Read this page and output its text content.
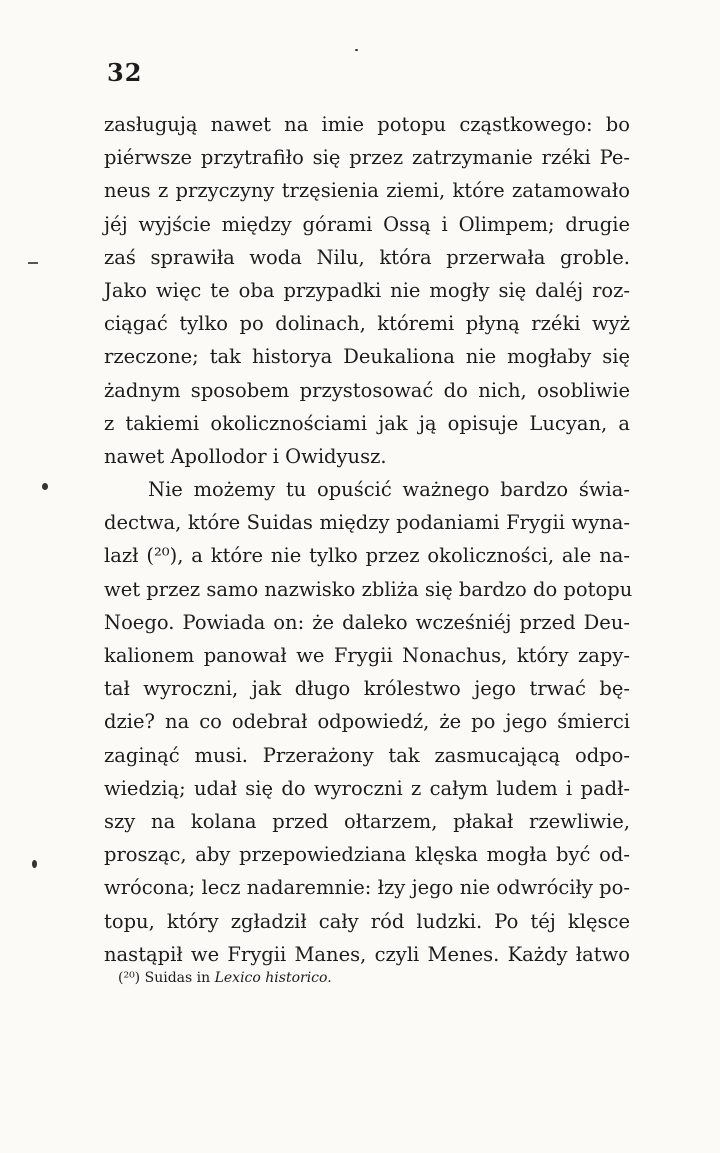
32
zasługują nawet na imie potopu cząstkowego: bo
piérwsze przytrafiło się przez zatrzymanie rzéki Pe-
neus z przyczyny trzęsienia ziemi, które zatamowało
jéj wyjście między górami Ossą i Olimpem; drugie
zaś sprawiła woda Nilu, która przerwała groble.
Jako więc te oba przypadki nie mogły się daléj roz-
ciągać tylko po dolinach, któremi płyną rzéki wyż
rzeczone; tak historya Deukaliona nie mogłaby się
żadnym sposobem przystosować do nich, osobliwie
z takiemi okolicznościami jak ją opisuje Lucyan, a
nawet Apollodor i Owidyusz.
Nie możemy tu opuścić ważnego bardzo świa-
dectwa, które Suidas między podaniami Frygii wyna-
lazł (²⁰), a które nie tylko przez okoliczności, ale na-
wet przez samo nazwisko zbliża się bardzo do potopu
Noego. Powiada on: że daleko wcześniéj przed Deu-
kalionem panował we Frygii Nonachus, który zapy-
tał wyroczni, jak długo królestwo jego trwać bę-
dzie? na co odebrał odpowiedź, że po jego śmierci
zaginąć musi. Przerażony tak zasmucającą odpo-
wiedzią; udał się do wyroczni z całym ludem i padł-
szy na kolana przed ołtarzem, płakał rzewliwie,
prosząc, aby przepowiedziana klęska mogła być od-
wrócona; lecz nadaremnie: łzy jego nie odwróciły po-
topu, który zgładził cały ród ludzki. Po téj klęsce
nastąpił we Frygii Manes, czyli Menes. Każdy łatwo
(²⁰) Suidas in Lexico historico.
